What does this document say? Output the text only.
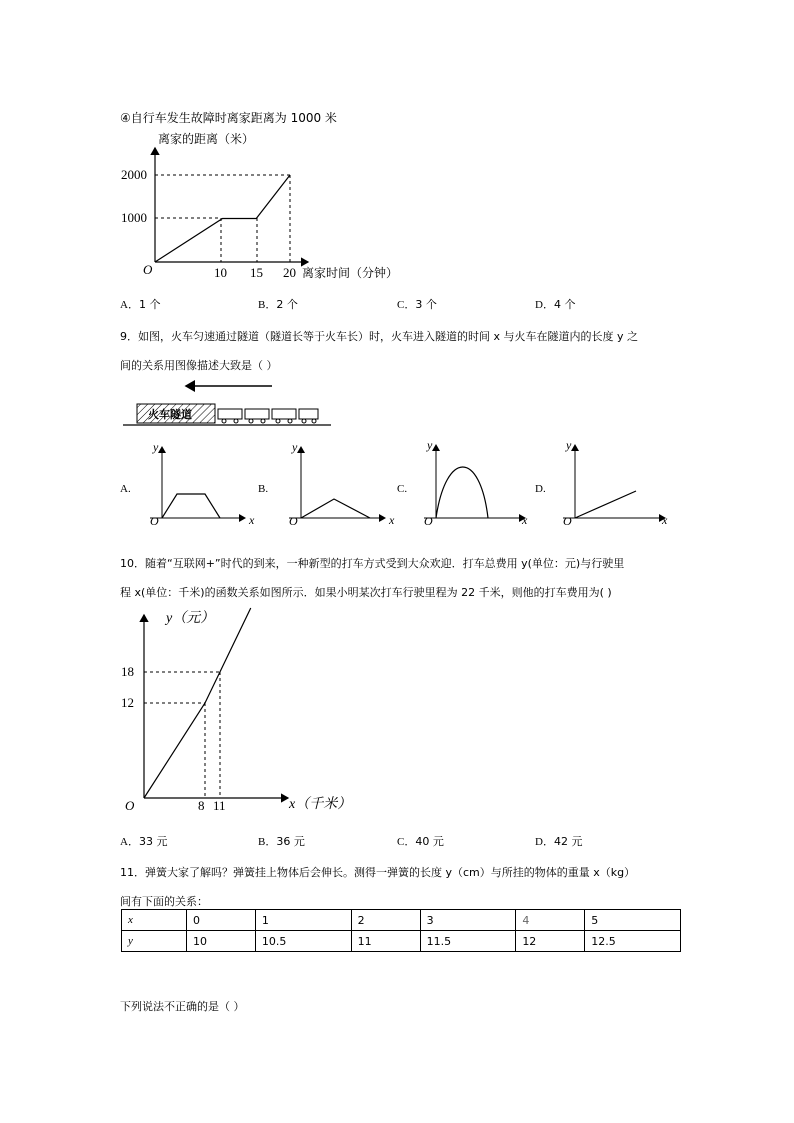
④自行车发生故障时离家距离为 1000 米
离家的距离（米）
2000
1000
O	10 15 20 离家时间（分钟）
A．1 个	B．2 个	C．3 个	D．4 个
9．如图，火车匀速通过隧道（隧道长等于火车长）时，火车进入隧道的时间 x 与火车在隧道内的长度 y 之
间的关系用图像描述大致是（ ）
火车隧道
A.
y
O	x
B.
y
O	x
C.
y
O	x
D.
y
O	x
10．随着“互联网+”时代的到来，一种新型的打车方式受到大众欢迎．打车总费用 y(单位：元)与行驶里
程 x(单位：千米)的函数关系如图所示．如果小明某次打车行驶里程为 22 千米，则他的打车费用为( )
y（元）
18
12
O	8 11	x（千米）
A．33 元	B．36 元	C．40 元	D．42 元
11．弹簧大家了解吗？弹簧挂上物体后会伸长。测得一弹簧的长度 y（cm）与所挂的物体的重量 x（kg）
间有下面的关系：
x	0	1	2	3	4	5
y	10	10.5	11	11.5	12	12.5
下列说法不正确的是（ ）
